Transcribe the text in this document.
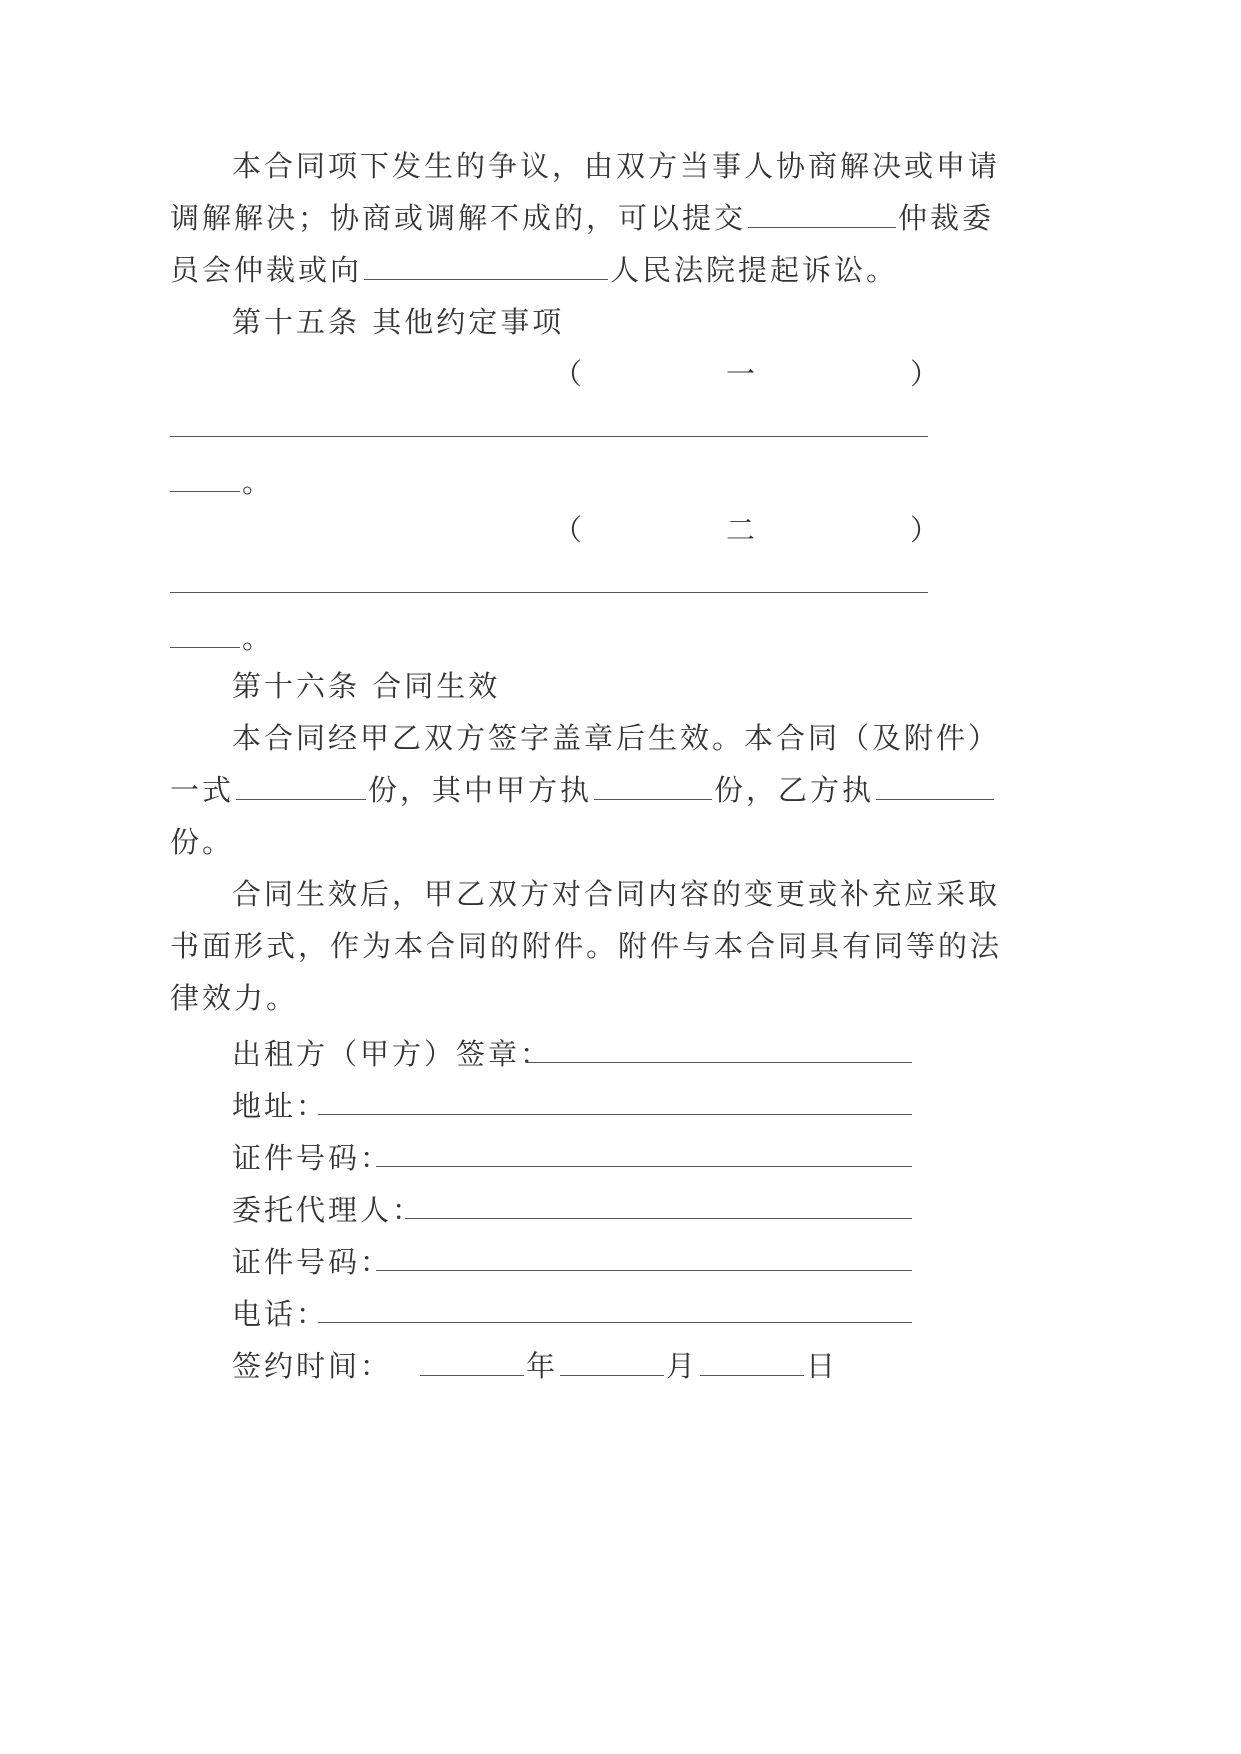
本合同项下发生的争议，由双方当事人协商解决或申请
调解解决；协商或调解不成的，可以提交	仲裁委
员会仲裁或向	人民法院提起诉讼。
第十五条 其他约定事项
（	一	）
。
（	二	）
。
第十六条 合同生效
本合同经甲乙双方签字盖章后生效。本合同（及附件）
一式	份，其中甲方执	份，乙方执
份。
合同生效后，甲乙双方对合同内容的变更或补充应采取
书面形式，作为本合同的附件。附件与本合同具有同等的法
律效力。
出租方（甲方）签章：
地址：
证件号码：
委托代理人：
证件号码：
电话：
签约时间：	年	月	日
